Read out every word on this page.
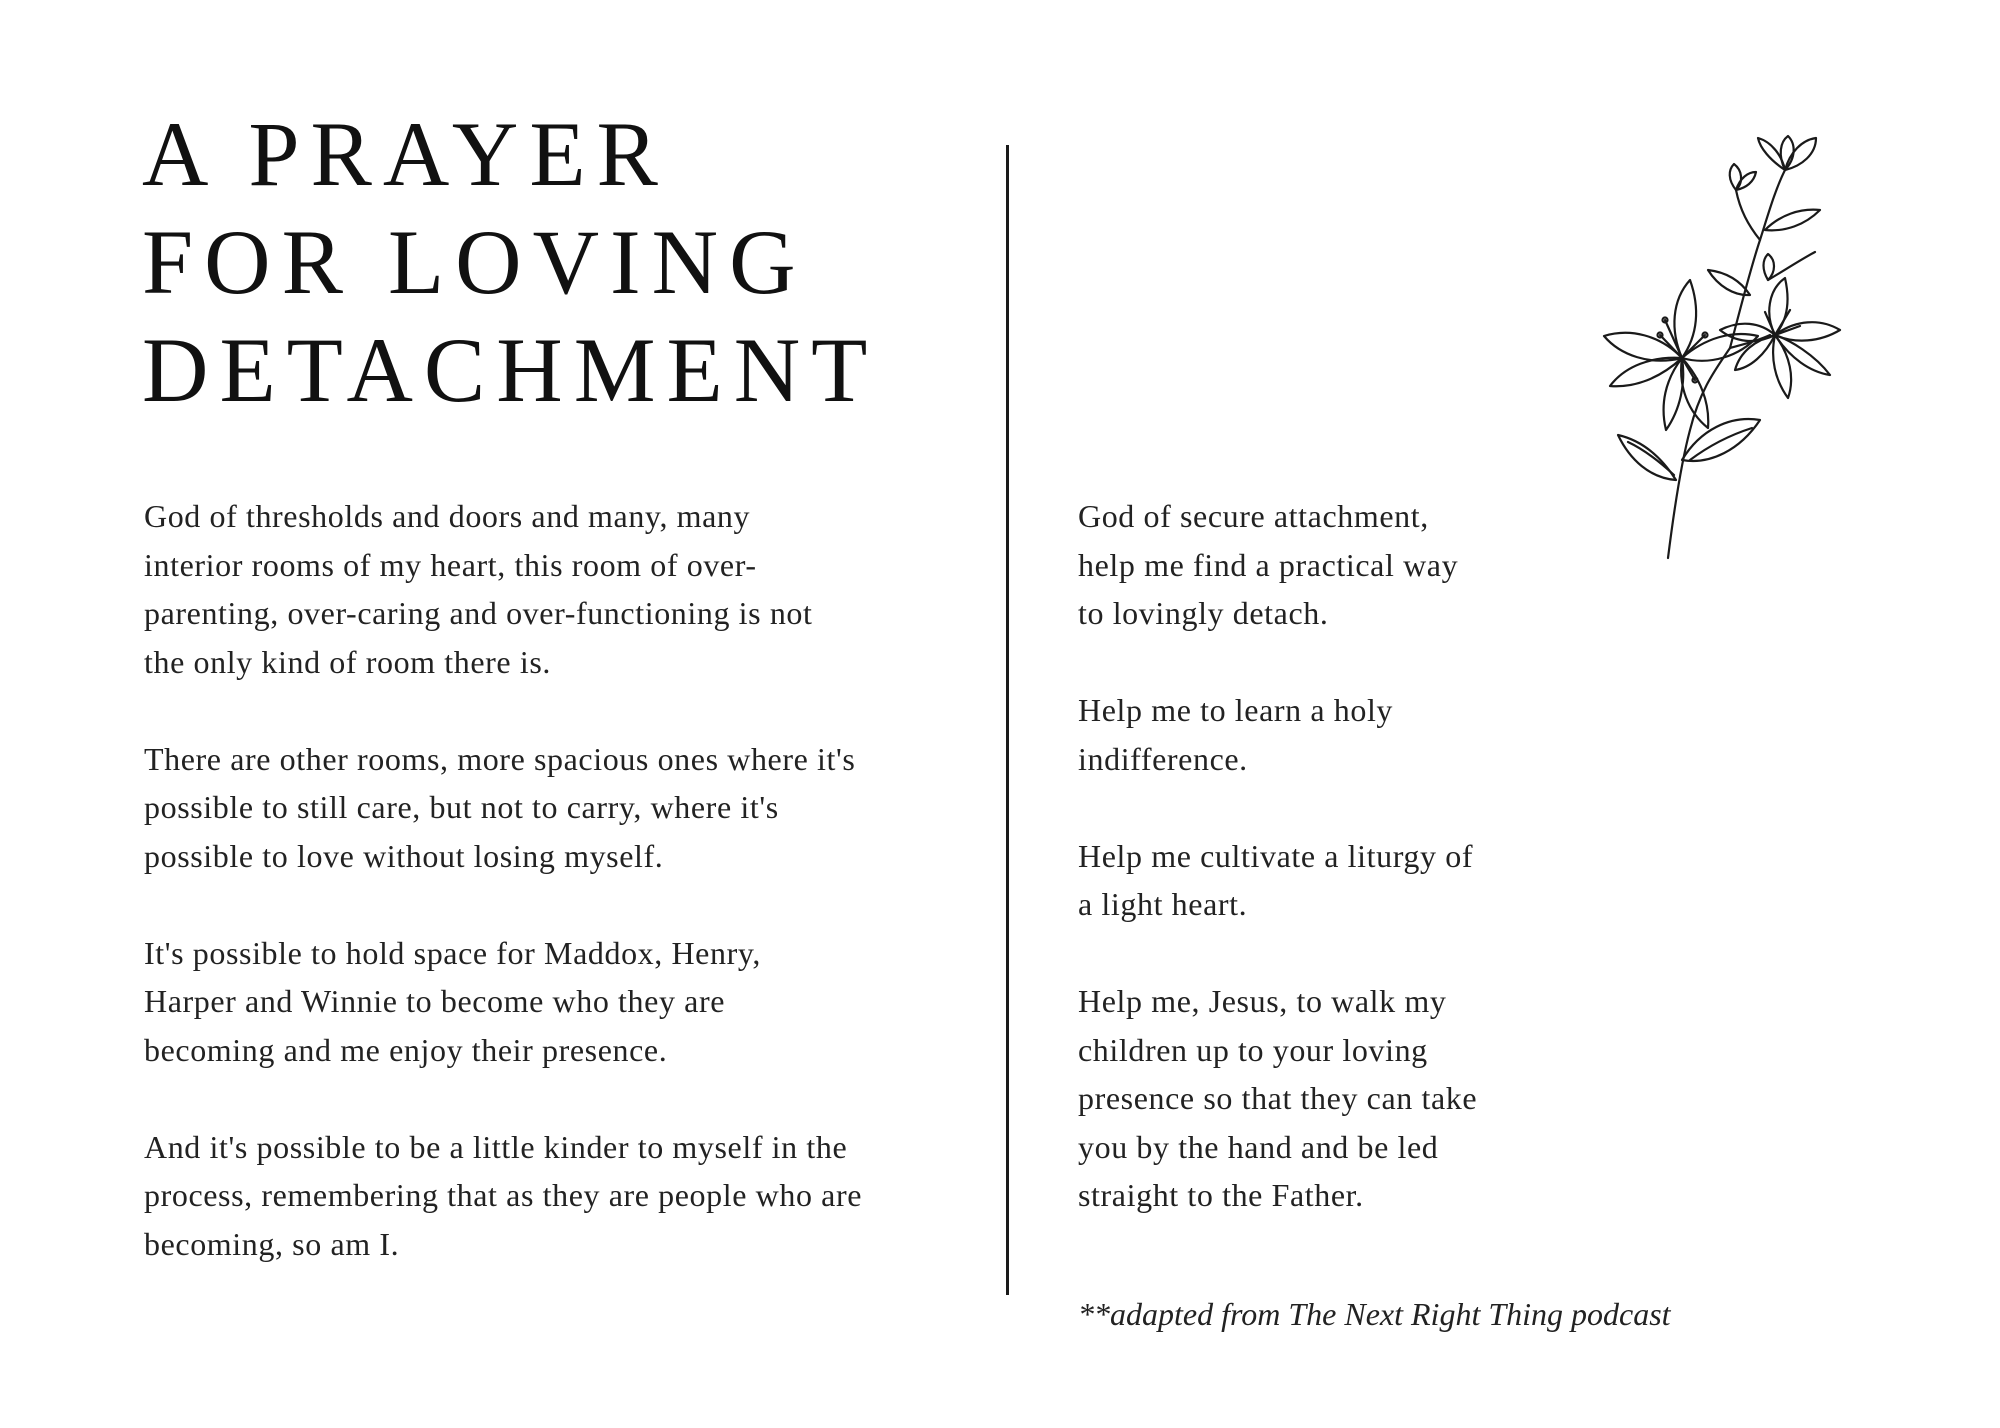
A PRAYER
FOR LOVING
DETACHMENT

God of thresholds and doors and many, many
interior rooms of my heart, this room of over-
parenting, over-caring and over-functioning is not
the only kind of room there is.

There are other rooms, more spacious ones where it's
possible to still care, but not to carry, where it's
possible to love without losing myself.

It's possible to hold space for Maddox, Henry,
Harper and Winnie to become who they are
becoming and me enjoy their presence.

And it's possible to be a little kinder to myself in the
process, remembering that as they are people who are
becoming, so am I.

God of secure attachment,
help me find a practical way
to lovingly detach.

Help me to learn a holy
indifference.

Help me cultivate a liturgy of
a light heart.

Help me, Jesus, to walk my
children up to your loving
presence so that they can take
you by the hand and be led
straight to the Father.

**adapted from The Next Right Thing podcast
